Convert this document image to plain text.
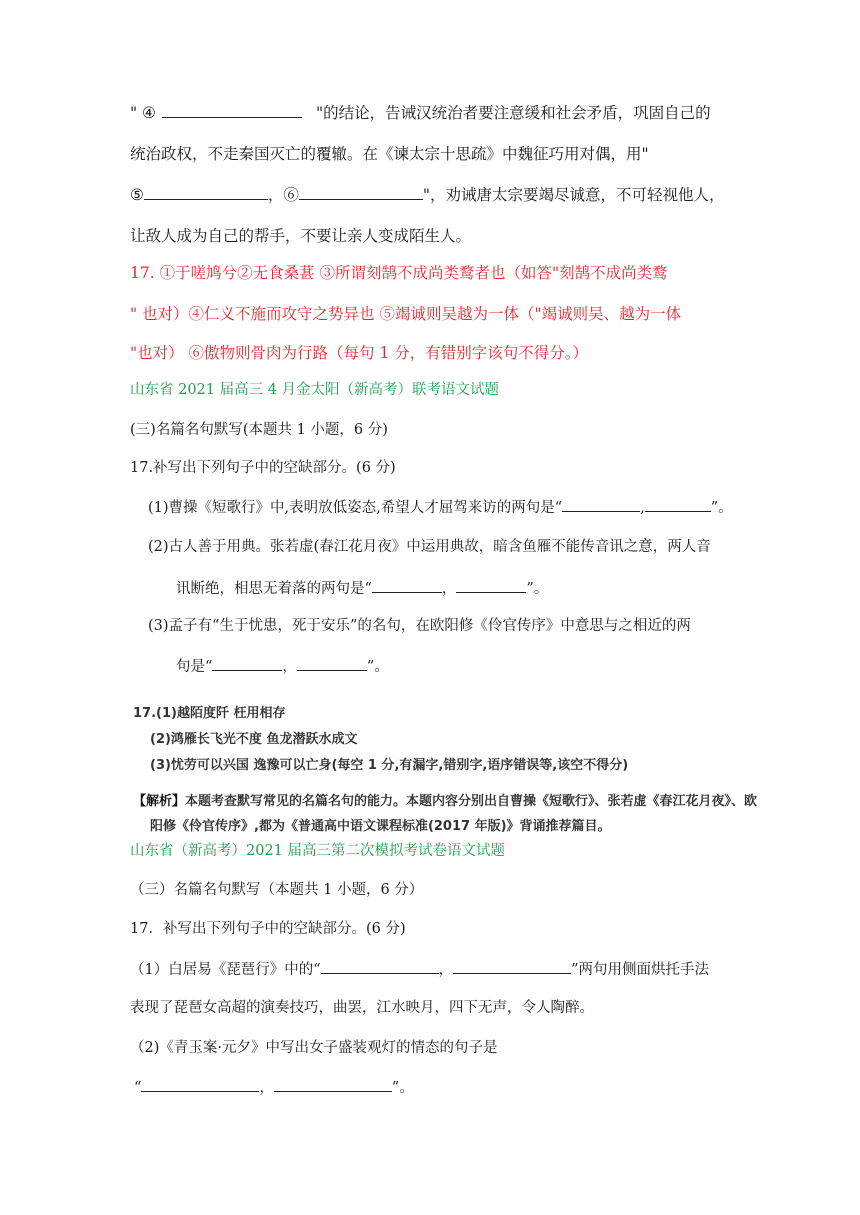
" ④	"的结论，告诫汉统治者要注意缓和社会矛盾，巩固自己的
统治政权，不走秦国灭亡的覆辙。在《谏太宗十思疏》中魏征巧用对偶，用"
⑤	，⑥	"，劝诫唐太宗要竭尽诚意，不可轻视他人，
让敌人成为自己的帮手，不要让亲人变成陌生人。
17. ①于嗟鸠兮②无食桑葚 ③所谓刻鹄不成尚类鹜者也（如答"刻鹄不成尚类鹜
" 也对）④仁义不施而攻守之势异也 ⑤竭诚则吴越为一体（"竭诚则吴、越为一体
"也对） ⑥傲物则骨肉为行路（每句 1 分，有错别字该句不得分。）
山东省 2021 届高三 4 月金太阳（新高考）联考语文试题
(三)名篇名句默写(本题共 1 小题，6 分)
17.补写出下列句子中的空缺部分。(6 分)
(1)曹操《短歌行》中,表明放低姿态,希望人才屈驾来访的两句是“	,	”。
(2)古人善于用典。张若虚(春江花月夜》中运用典故，暗含鱼雁不能传音讯之意，两人音
讯断绝，相思无着落的两句是“	，	”。
(3)孟子有“生于忧患，死于安乐”的名句，在欧阳修《伶官传序》中意思与之相近的两
句是“	，	”。
17.(1)越陌度阡 枉用相存
(2)鸿雁长飞光不度 鱼龙潜跃水成文
(3)忧劳可以兴国 逸豫可以亡身(每空 1 分,有漏字,错别字,语序错误等,该空不得分)
【解析】本题考查默写常见的名篇名句的能力。本题内容分别出自曹操《短歌行》、张若虚《春江花月夜》、欧
阳修《伶官传序》,都为《普通高中语文课程标准(2017 年版)》背诵推荐篇目。
山东省（新高考）2021 届高三第二次模拟考试卷语文试题
（三）名篇名句默写（本题共 1 小题，6 分）
17．补写出下列句子中的空缺部分。(6 分)
（1）白居易《琵琶行》中的“	，	”两句用侧面烘托手法
表现了琵琶女高超的演奏技巧，曲罢，江水映月，四下无声，令人陶醉。
（2)《青玉案·元夕》中写出女子盛装观灯的情态的句子是
“	，	”。
